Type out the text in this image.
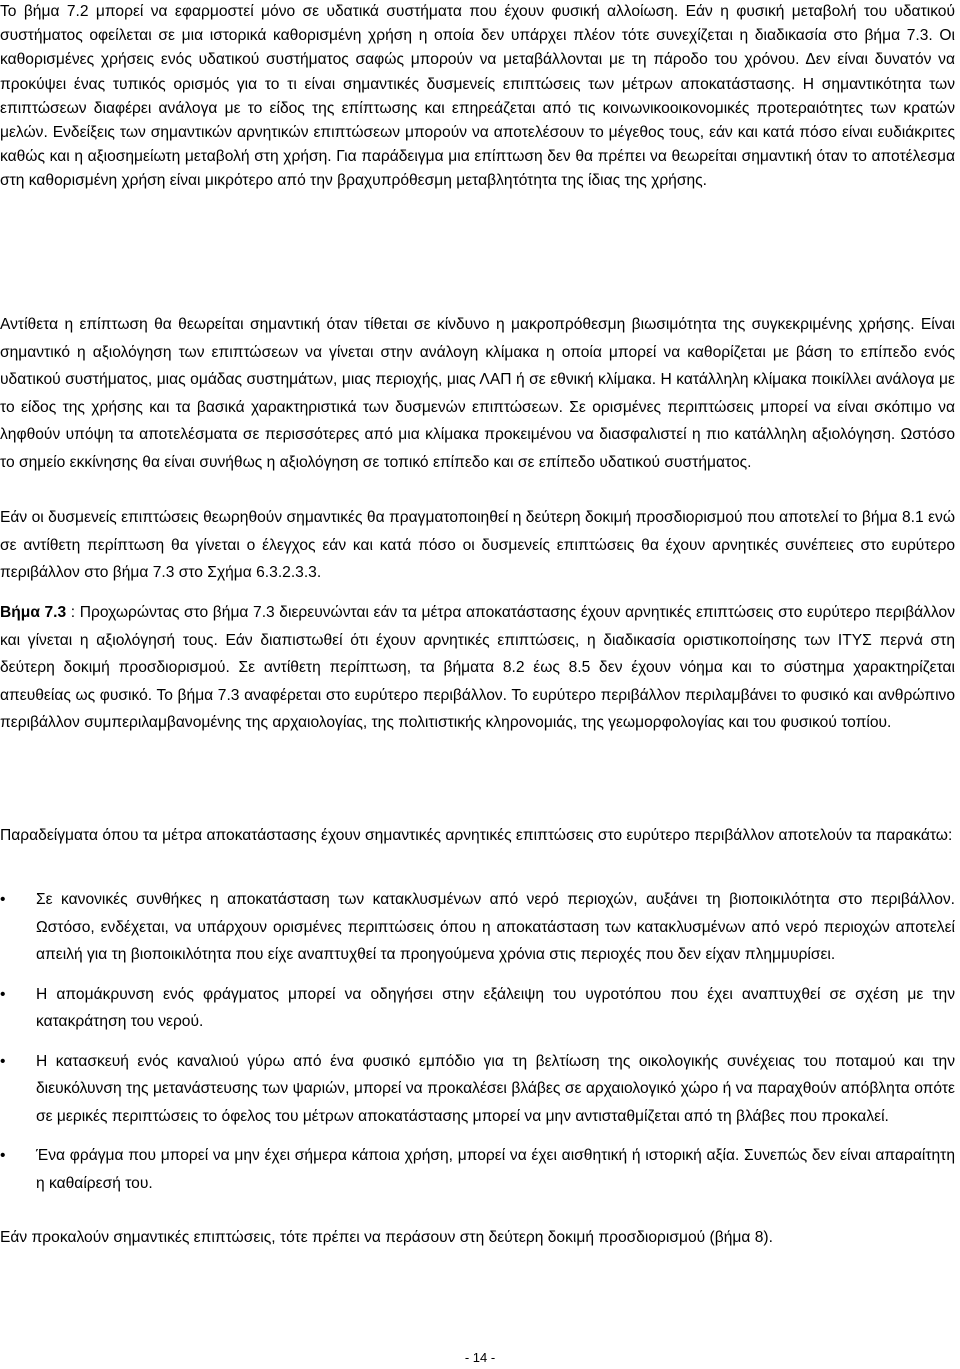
Το βήμα 7.2 μπορεί να εφαρμοστεί μόνο σε υδατικά συστήματα που έχουν φυσική αλλοίωση. Εάν η φυσική μεταβολή του υδατικού συστήματος οφείλεται σε μια ιστορικά καθορισμένη χρήση η οποία δεν υπάρχει πλέον τότε συνεχίζεται η διαδικασία στο βήμα 7.3. Οι καθορισμένες χρήσεις ενός υδατικού συστήματος σαφώς μπορούν να μεταβάλλονται με τη πάροδο του χρόνου. Δεν είναι δυνατόν να προκύψει ένας τυπικός ορισμός για το τι είναι σημαντικές δυσμενείς επιπτώσεις των μέτρων αποκατάστασης. Η σημαντικότητα των επιπτώσεων διαφέρει ανάλογα με το είδος της επίπτωσης και επηρεάζεται από τις κοινωνικοοικονομικές προτεραιότητες των κρατών μελών. Ενδείξεις των σημαντικών αρνητικών επιπτώσεων μπορούν να αποτελέσουν το μέγεθος τους, εάν και κατά πόσο είναι ευδιάκριτες καθώς και η αξιοσημείωτη μεταβολή στη χρήση. Για παράδειγμα μια επίπτωση δεν θα πρέπει να θεωρείται σημαντική όταν το αποτέλεσμα στη καθορισμένη χρήση είναι μικρότερο από την βραχυπρόθεσμη μεταβλητότητα της ίδιας της χρήσης.

Αντίθετα η επίπτωση θα θεωρείται σημαντική όταν τίθεται σε κίνδυνο η μακροπρόθεσμη βιωσιμότητα της συγκεκριμένης χρήσης. Είναι σημαντικό η αξιολόγηση των επιπτώσεων να γίνεται στην ανάλογη κλίμακα η οποία μπορεί να καθορίζεται με βάση το επίπεδο ενός υδατικού συστήματος, μιας ομάδας συστημάτων, μιας περιοχής, μιας ΛΑΠ ή σε εθνική κλίμακα. Η κατάλληλη κλίμακα ποικίλλει ανάλογα με το είδος της χρήσης και τα βασικά χαρακτηριστικά των δυσμενών επιπτώσεων. Σε ορισμένες περιπτώσεις μπορεί να είναι σκόπιμο να ληφθούν υπόψη τα αποτελέσματα σε περισσότερες από μια κλίμακα προκειμένου να διασφαλιστεί η πιο κατάλληλη αξιολόγηση. Ωστόσο το σημείο εκκίνησης θα είναι συνήθως η αξιολόγηση σε τοπικό επίπεδο και σε επίπεδο υδατικού συστήματος.

Εάν οι δυσμενείς επιπτώσεις θεωρηθούν σημαντικές θα πραγματοποιηθεί η δεύτερη δοκιμή προσδιορισμού που αποτελεί το βήμα 8.1 ενώ σε αντίθετη περίπτωση θα γίνεται ο έλεγχος εάν και κατά πόσο οι δυσμενείς επιπτώσεις θα έχουν αρνητικές συνέπειες στο ευρύτερο περιβάλλον στο βήμα 7.3 στο Σχήμα 6.3.2.3.3.

Βήμα 7.3 : Προχωρώντας στο βήμα 7.3 διερευνώνται εάν τα μέτρα αποκατάστασης έχουν αρνητικές επιπτώσεις στο ευρύτερο περιβάλλον και γίνεται η αξιολόγησή τους. Εάν διαπιστωθεί ότι έχουν αρνητικές επιπτώσεις, η διαδικασία οριστικοποίησης των ΙΤΥΣ περνά στη δεύτερη δοκιμή προσδιορισμού. Σε αντίθετη περίπτωση, τα βήματα 8.2 έως 8.5 δεν έχουν νόημα και το σύστημα χαρακτηρίζεται απευθείας ως φυσικό. Το βήμα 7.3 αναφέρεται στο ευρύτερο περιβάλλον. Το ευρύτερο περιβάλλον περιλαμβάνει το φυσικό και ανθρώπινο περιβάλλον συμπεριλαμβανομένης της αρχαιολογίας, της πολιτιστικής κληρονομιάς, της γεωμορφολογίας και του φυσικού τοπίου.

Παραδείγματα όπου τα μέτρα αποκατάστασης έχουν σημαντικές αρνητικές επιπτώσεις στο ευρύτερο περιβάλλον αποτελούν τα παρακάτω:

•	Σε κανονικές συνθήκες η αποκατάσταση των κατακλυσμένων από νερό περιοχών, αυξάνει τη βιοποικιλότητα στο περιβάλλον. Ωστόσο, ενδέχεται, να υπάρχουν ορισμένες περιπτώσεις όπου η αποκατάσταση των κατακλυσμένων από νερό περιοχών αποτελεί απειλή για τη βιοποικιλότητα που είχε αναπτυχθεί τα προηγούμενα χρόνια στις περιοχές που δεν είχαν πλημμυρίσει.
•	Η απομάκρυνση ενός φράγματος μπορεί να οδηγήσει στην εξάλειψη του υγροτόπου που έχει αναπτυχθεί σε σχέση με την κατακράτηση του νερού.
•	Η κατασκευή ενός καναλιού γύρω από ένα φυσικό εμπόδιο για τη βελτίωση της οικολογικής συνέχειας του ποταμού και την διευκόλυνση της μετανάστευσης των ψαριών, μπορεί να προκαλέσει βλάβες σε αρχαιολογικό χώρο ή να παραχθούν απόβλητα οπότε σε μερικές περιπτώσεις το όφελος του μέτρων αποκατάστασης μπορεί να μην αντισταθμίζεται από τη βλάβες που προκαλεί.
•	Ένα φράγμα που μπορεί να μην έχει σήμερα κάποια χρήση, μπορεί να έχει αισθητική ή ιστορική αξία. Συνεπώς δεν είναι απαραίτητη η καθαίρεσή του.

Εάν προκαλούν σημαντικές επιπτώσεις, τότε πρέπει να περάσουν στη δεύτερη δοκιμή προσδιορισμού (βήμα 8).

- 14 -
